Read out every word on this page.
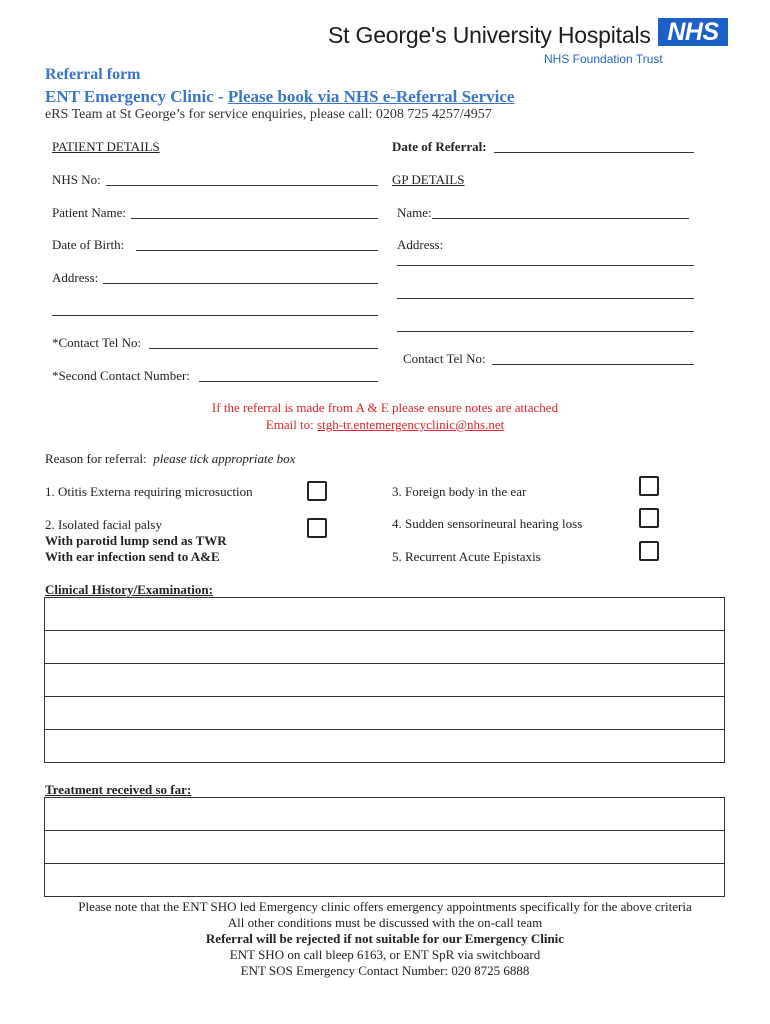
St George's University Hospitals NHS
NHS Foundation Trust
Referral form
ENT Emergency Clinic - Please book via NHS e-Referral Service
eRS Team at St George’s for service enquiries, please call: 0208 725 4257/4957
PATIENT DETAILS
NHS No:
Patient Name:
Date of Birth:
Address:
*Contact Tel No:
*Second Contact Number:
Date of Referral:
GP DETAILS
Name:
Address:
Contact Tel No:
If the referral is made from A & E please ensure notes are attached
Email to: stgh-tr.entemergencyclinic@nhs.net
Reason for referral: please tick appropriate box
1. Otitis Externa requiring microsuction
2. Isolated facial palsy
With parotid lump send as TWR
With ear infection send to A&E
3. Foreign body in the ear
4. Sudden sensorineural hearing loss
5. Recurrent Acute Epistaxis
Clinical History/Examination:
Treatment received so far:
Please note that the ENT SHO led Emergency clinic offers emergency appointments specifically for the above criteria
All other conditions must be discussed with the on-call team
Referral will be rejected if not suitable for our Emergency Clinic
ENT SHO on call bleep 6163, or ENT SpR via switchboard
ENT SOS Emergency Contact Number: 020 8725 6888
